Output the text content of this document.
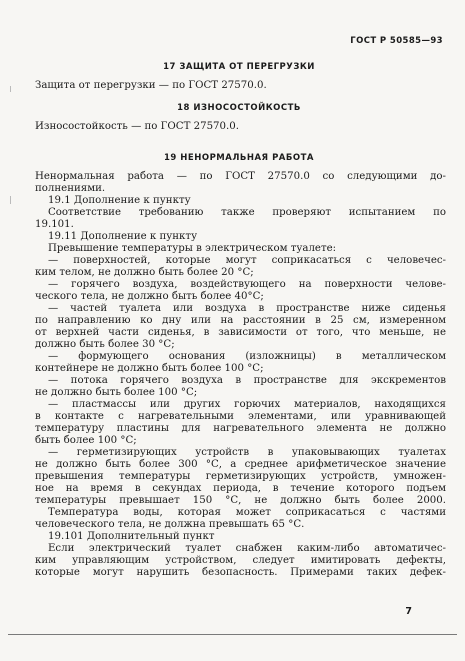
ГОСТ Р 50585—93
17 ЗАЩИТА ОТ ПЕРЕГРУЗКИ
Защита от перегрузки — по ГОСТ 27570.0.
18 ИЗНОСОСТОЙКОСТЬ
Износостойкость — по ГОСТ 27570.0.
19 НЕНОРМАЛЬНАЯ РАБОТА
Ненормальная работа — по ГОСТ 27570.0 со следующими до-
полнениями.
19.1 Дополнение к пункту
Соответствие требованию также проверяют испытанием по
19.101.
19.11 Дополнение к пункту
Превышение температуры в электрическом туалете:
— поверхностей, которые могут соприкасаться с человечес-
ким телом, не должно быть более 20 °С;
— горячего воздуха, воздействующего на поверхности челове-
ческого тела, не должно быть более 40°С;
— частей туалета или воздуха в пространстве ниже сиденья
по направлению ко дну или на расстоянии в 25 см, измеренном
от верхней части сиденья, в зависимости от того, что меньше, не
должно быть более 30 °С;
— формующего основания (изложницы) в металлическом
контейнере не должно быть более 100 °С;
— потока горячего воздуха в пространстве для экскрементов
не должно быть более 100 °С;
— пластмассы или других горючих материалов, находящихся
в контакте с нагревательными элементами, или уравнивающей
температуру пластины для нагревательного элемента не должно
быть более 100 °С;
— герметизирующих устройств в упаковывающих туалетах
не должно быть более 300 °С, а среднее арифметическое значение
превышения температуры герметизирующих устройств, умножен-
ное на время в секундах периода, в течение которого подъем
температуры превышает 150 °С, не должно быть более 2000.
Температура воды, которая может соприкасаться с частями
человеческого тела, не должна превышать 65 °С.
19.101 Дополнительный пункт
Если электрический туалет снабжен каким-либо автоматичес-
ким управляющим устройством, следует имитировать дефекты,
которые могут нарушить безопасность. Примерами таких дефек-
7
